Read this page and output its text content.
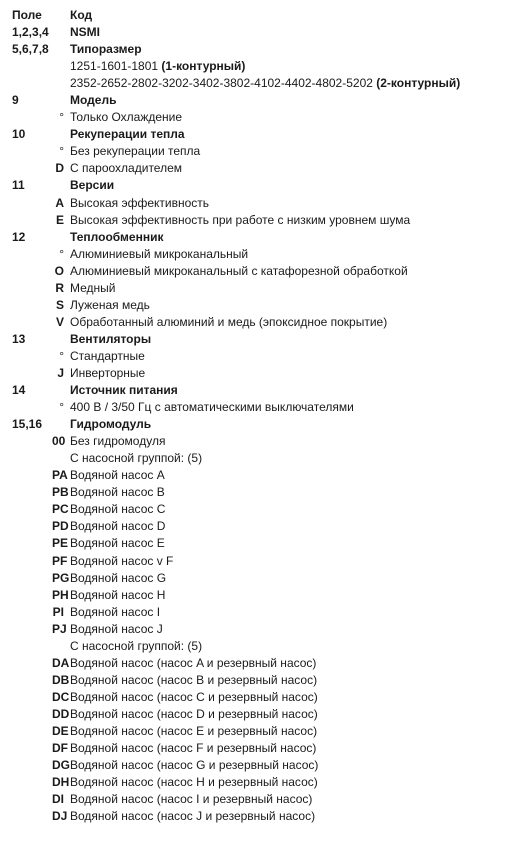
Поле	Код
1,2,3,4 NSMI
5,6,7,8 Типоразмер
1251-1601-1801 (1-контурный)
2352-2652-2802-3202-3402-3802-4102-4402-4802-5202 (2-контурный)
9	Модель
° Только Охлаждение
10	Рекуперации тепла
° Без рекуперации тепла
D С пароохладителем
11	Версии
A Высокая эффективность
E Высокая эффективность при работе с низким уровнем шума
12	Теплообменник
° Алюминиевый микроканальный
O Алюминиевый микроканальный с катафорезной обработкой
R Медный
S Луженая медь
V Обработанный алюминий и медь (эпоксидное покрытие)
13	Вентиляторы
° Стандартные
J Инверторные
14	Источник питания
° 400 В / 3/50 Гц с автоматическими выключателями
15,16	Гидромодуль
00 Без гидромодуля
С насосной группой: (5)
PA Водяной насос A
PB Водяной насос B
PC Водяной насос C
PD Водяной насос D
PE Водяной насос E
PF Водяной насос v F
PG Водяной насос G
PH Водяной насос H
PI Водяной насос I
PJ Водяной насос J
С насосной группой: (5)
DA Водяной насос (насос A и резервный насос)
DB Водяной насос (насос B и резервный насос)
DC Водяной насос (насос C и резервный насос)
DD Водяной насос (насос D и резервный насос)
DE Водяной насос (насос E и резервный насос)
DF Водяной насос (насос F и резервный насос)
DG Водяной насос (насос G и резервный насос)
DH Водяной насос (насос H и резервный насос)
DI Водяной насос (насос I и резервный насос)
DJ Водяной насос (насос J и резервный насос)
